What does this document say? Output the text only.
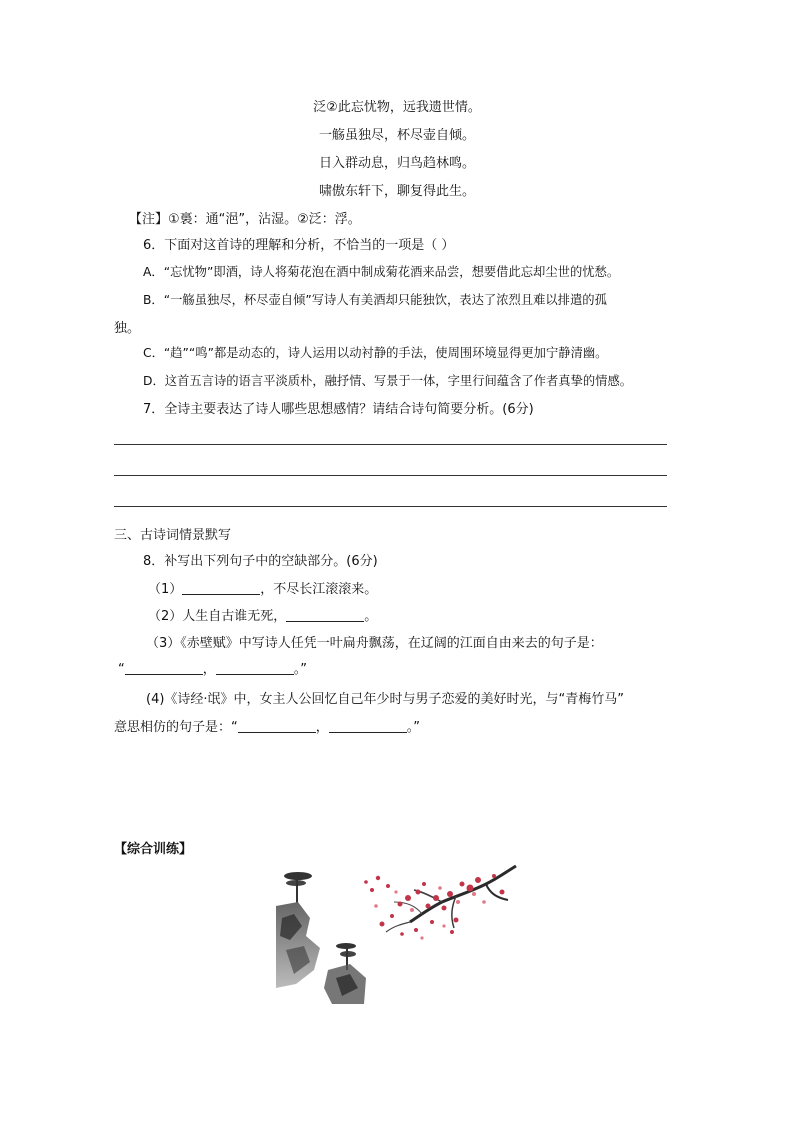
泛②此忘忧物，远我遗世情。
一觞虽独尽，杯尽壶自倾。
日入群动息，归鸟趋林鸣。
啸傲东轩下，聊复得此生。
【注】①裛：通“浥”，沾湿。②泛：浮。
6．下面对这首诗的理解和分析，不恰当的一项是（ ）
A．“忘忧物”即酒，诗人将菊花泡在酒中制成菊花酒来品尝，想要借此忘却尘世的忧愁。
B．“一觞虽独尽，杯尽壶自倾”写诗人有美酒却只能独饮，表达了浓烈且难以排遣的孤
独。
C．“趋”“鸣”都是动态的，诗人运用以动衬静的手法，使周围环境显得更加宁静清幽。
D．这首五言诗的语言平淡质朴，融抒情、写景于一体，字里行间蕴含了作者真挚的情感。
7．全诗主要表达了诗人哪些思想感情？请结合诗句简要分析。(6分)
三、古诗词情景默写
8．补写出下列句子中的空缺部分。(6分)
（1）	，不尽长江滚滚来。
（2）人生自古谁无死，	。
（3）《赤壁赋》中写诗人任凭一叶扁舟飘荡，在辽阔的江面自由来去的句子是：
“	，	。”
(4)《诗经·氓》中，女主人公回忆自己年少时与男子恋爱的美好时光，与“青梅竹马”
意思相仿的句子是：“	，	。”
【综合训练】
